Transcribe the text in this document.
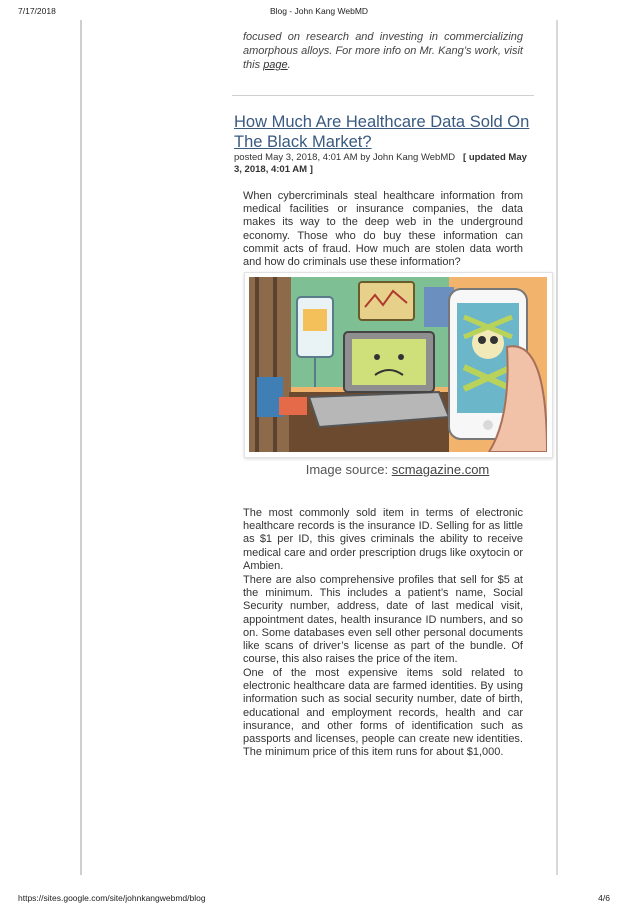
7/17/2018	Blog - John Kang WebMD

focused on research and investing in commercializing amorphous alloys. For more info on Mr. Kang’s work, visit this page.

How Much Are Healthcare Data Sold On The Black Market?
posted May 3, 2018, 4:01 AM by John Kang WebMD [ updated May 3, 2018, 4:01 AM ]

When cybercriminals steal healthcare information from medical facilities or insurance companies, the data makes its way to the deep web in the underground economy. Those who do buy these information can commit acts of fraud. How much are stolen data worth and how do criminals use these information?

Image source: scmagazine.com

The most commonly sold item in terms of electronic healthcare records is the insurance ID. Selling for as little as $1 per ID, this gives criminals the ability to receive medical care and order prescription drugs like oxytocin or Ambien.

There are also comprehensive profiles that sell for $5 at the minimum. This includes a patient’s name, Social Security number, address, date of last medical visit, appointment dates, health insurance ID numbers, and so on. Some databases even sell other personal documents like scans of driver’s license as part of the bundle. Of course, this also raises the price of the item.

One of the most expensive items sold related to electronic healthcare data are farmed identities. By using information such as social security number, date of birth, educational and employment records, health and car insurance, and other forms of identification such as passports and licenses, people can create new identities. The minimum price of this item runs for about $1,000.

https://sites.google.com/site/johnkangwebmd/blog	4/6
